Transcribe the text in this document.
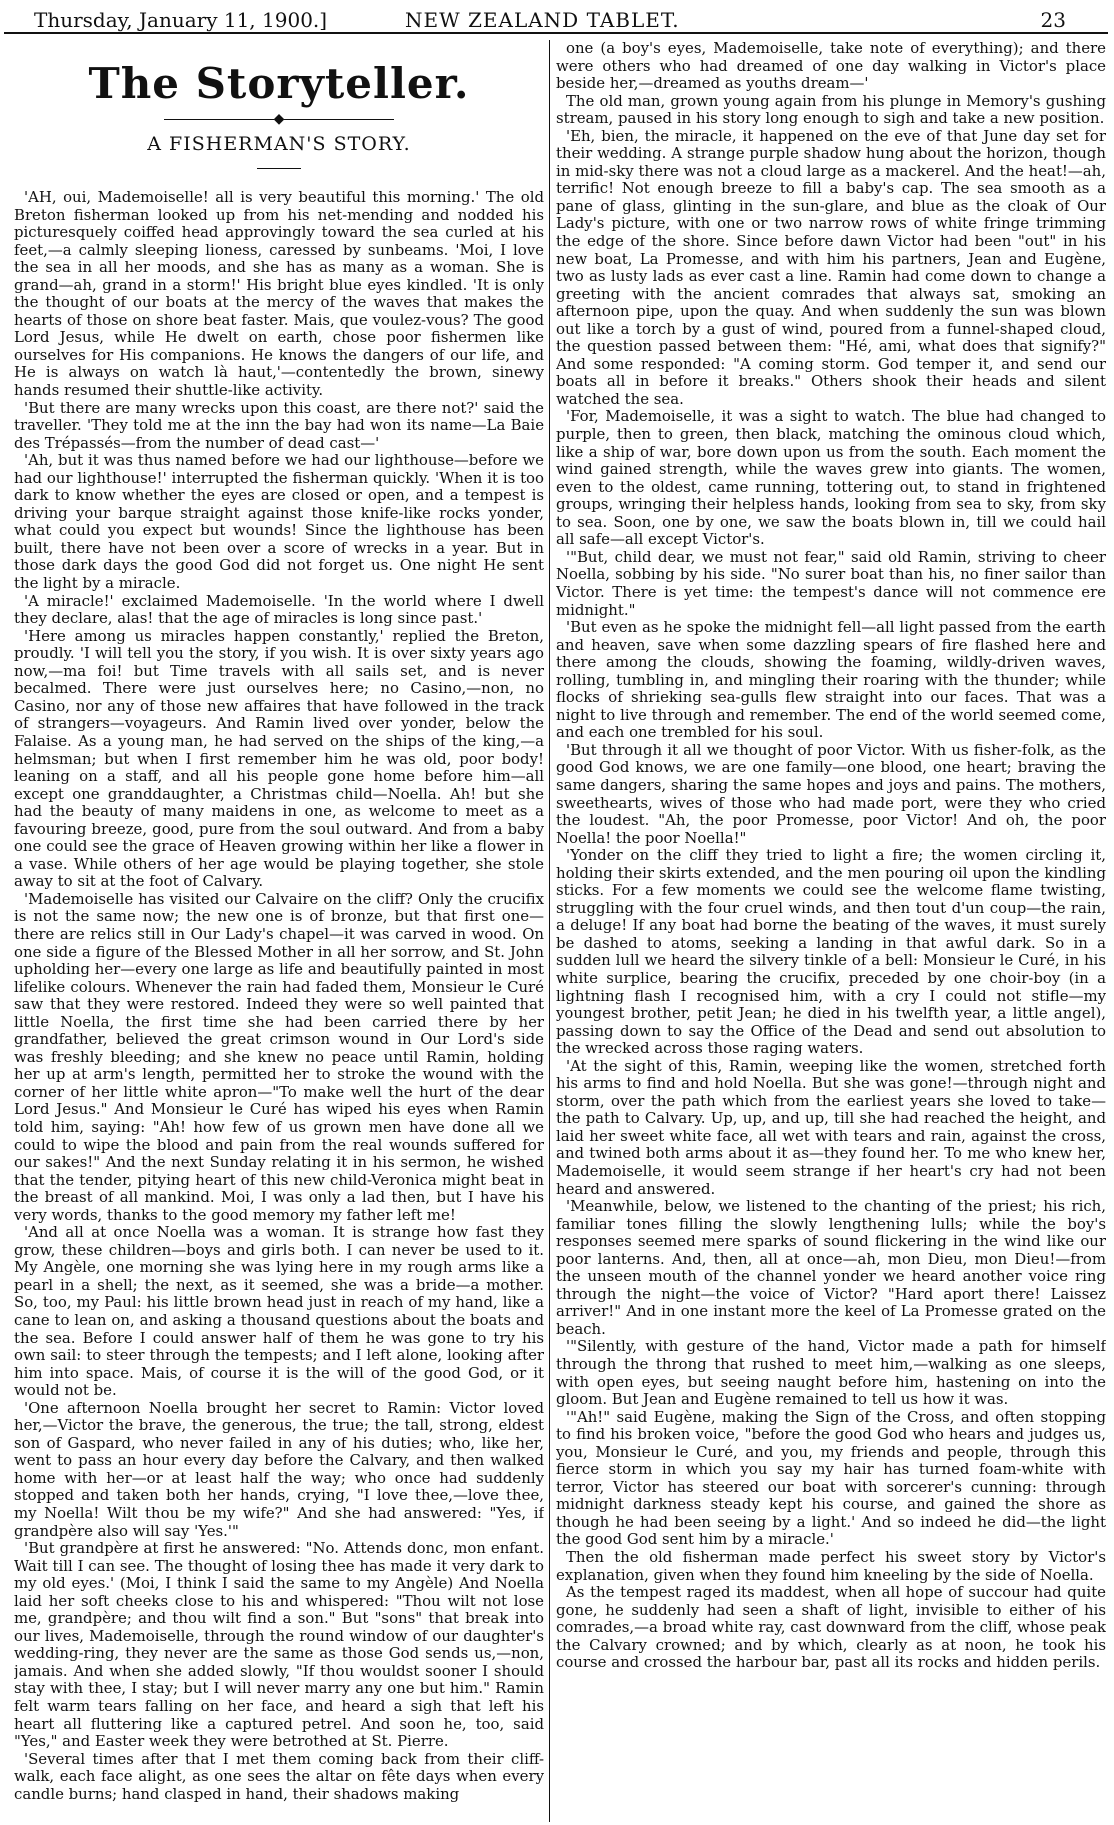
Thursday, January 11, 1900.]	NEW ZEALAND TABLET.	23
The Storyteller.
◆
A FISHERMAN'S STORY.

'AH, oui, Mademoiselle! all is very beautiful this morning.' The old Breton fisherman looked up from his net-mending and nodded his picturesquely coiffed head approvingly toward the sea curled at his feet,—a calmly sleeping lioness, caressed by sunbeams. 'Moi, I love the sea in all her moods, and she has as many as a woman. She is grand—ah, grand in a storm!' His bright blue eyes kindled. 'It is only the thought of our boats at the mercy of the waves that makes the hearts of those on shore beat faster. Mais, que voulez-vous? The good Lord Jesus, while He dwelt on earth, chose poor fishermen like ourselves for His companions. He knows the dangers of our life, and He is always on watch là haut,'—contentedly the brown, sinewy hands resumed their shuttle-like activity.

'But there are many wrecks upon this coast, are there not?' said the traveller. 'They told me at the inn the bay had won its name—La Baie des Trépassés—from the number of dead cast—'

'Ah, but it was thus named before we had our lighthouse—before we had our lighthouse!' interrupted the fisherman quickly. 'When it is too dark to know whether the eyes are closed or open, and a tempest is driving your barque straight against those knife-like rocks yonder, what could you expect but wounds! Since the lighthouse has been built, there have not been over a score of wrecks in a year. But in those dark days the good God did not forget us. One night He sent the light by a miracle.

'A miracle!' exclaimed Mademoiselle. 'In the world where I dwell they declare, alas! that the age of miracles is long since past.'

'Here among us miracles happen constantly,' replied the Breton, proudly. 'I will tell you the story, if you wish. It is over sixty years ago now,—ma foi! but Time travels with all sails set, and is never becalmed. There were just ourselves here; no Casino,—non, no Casino, nor any of those new affaires that have followed in the track of strangers—voyageurs. And Ramin lived over yonder, below the Falaise. As a young man, he had served on the ships of the king,—a helmsman; but when I first remember him he was old, poor body! leaning on a staff, and all his people gone home before him—all except one granddaughter, a Christmas child—Noella. Ah! but she had the beauty of many maidens in one, as welcome to meet as a favouring breeze, good, pure from the soul outward. And from a baby one could see the grace of Heaven growing within her like a flower in a vase. While others of her age would be playing together, she stole away to sit at the foot of Calvary.

'Mademoiselle has visited our Calvaire on the cliff? Only the crucifix is not the same now; the new one is of bronze, but that first one—there are relics still in Our Lady's chapel—it was carved in wood. On one side a figure of the Blessed Mother in all her sorrow, and St. John upholding her—every one large as life and beautifully painted in most lifelike colours. Whenever the rain had faded them, Monsieur le Curé saw that they were restored. Indeed they were so well painted that little Noella, the first time she had been carried there by her grandfather, believed the great crimson wound in Our Lord's side was freshly bleeding; and she knew no peace until Ramin, holding her up at arm's length, permitted her to stroke the wound with the corner of her little white apron—"To make well the hurt of the dear Lord Jesus." And Monsieur le Curé has wiped his eyes when Ramin told him, saying: "Ah! how few of us grown men have done all we could to wipe the blood and pain from the real wounds suffered for our sakes!" And the next Sunday relating it in his sermon, he wished that the tender, pitying heart of this new child-Veronica might beat in the breast of all mankind. Moi, I was only a lad then, but I have his very words, thanks to the good memory my father left me!

'And all at once Noella was a woman. It is strange how fast they grow, these children—boys and girls both. I can never be used to it. My Angèle, one morning she was lying here in my rough arms like a pearl in a shell; the next, as it seemed, she was a bride—a mother. So, too, my Paul: his little brown head just in reach of my hand, like a cane to lean on, and asking a thousand questions about the boats and the sea. Before I could answer half of them he was gone to try his own sail: to steer through the tempests; and I left alone, looking after him into space. Mais, of course it is the will of the good God, or it would not be.

'One afternoon Noella brought her secret to Ramin: Victor loved her,—Victor the brave, the generous, the true; the tall, strong, eldest son of Gaspard, who never failed in any of his duties; who, like her, went to pass an hour every day before the Calvary, and then walked home with her—or at least half the way; who once had suddenly stopped and taken both her hands, crying, "I love thee,—love thee, my Noella! Wilt thou be my wife?" And she had answered: "Yes, if grandpère also will say 'Yes.'"

'But grandpère at first he answered: "No. Attends donc, mon enfant. Wait till I can see. The thought of losing thee has made it very dark to my old eyes.' (Moi, I think I said the same to my Angèle) And Noella laid her soft cheeks close to his and whispered: "Thou wilt not lose me, grandpère; and thou wilt find a son." But "sons" that break into our lives, Mademoiselle, through the round window of our daughter's wedding-ring, they never are the same as those God sends us,—non, jamais. And when she added slowly, "If thou wouldst sooner I should stay with thee, I stay; but I will never marry any one but him." Ramin felt warm tears falling on her face, and heard a sigh that left his heart all fluttering like a captured petrel. And soon he, too, said "Yes," and Easter week they were betrothed at St. Pierre.

'Several times after that I met them coming back from their cliff-walk, each face alight, as one sees the altar on fête days when every candle burns; hand clasped in hand, their shadows making

one (a boy's eyes, Mademoiselle, take note of everything); and there were others who had dreamed of one day walking in Victor's place beside her,—dreamed as youths dream—'

The old man, grown young again from his plunge in Memory's gushing stream, paused in his story long enough to sigh and take a new position.

'Eh, bien, the miracle, it happened on the eve of that June day set for their wedding. A strange purple shadow hung about the horizon, though in mid-sky there was not a cloud large as a mackerel. And the heat!—ah, terrific! Not enough breeze to fill a baby's cap. The sea smooth as a pane of glass, glinting in the sun-glare, and blue as the cloak of Our Lady's picture, with one or two narrow rows of white fringe trimming the edge of the shore. Since before dawn Victor had been "out" in his new boat, La Promesse, and with him his partners, Jean and Eugène, two as lusty lads as ever cast a line. Ramin had come down to change a greeting with the ancient comrades that always sat, smoking an afternoon pipe, upon the quay. And when suddenly the sun was blown out like a torch by a gust of wind, poured from a funnel-shaped cloud, the question passed between them: "Hé, ami, what does that signify?" And some responded: "A coming storm. God temper it, and send our boats all in before it breaks." Others shook their heads and silent watched the sea.

'For, Mademoiselle, it was a sight to watch. The blue had changed to purple, then to green, then black, matching the ominous cloud which, like a ship of war, bore down upon us from the south. Each moment the wind gained strength, while the waves grew into giants. The women, even to the oldest, came running, tottering out, to stand in frightened groups, wringing their helpless hands, looking from sea to sky, from sky to sea. Soon, one by one, we saw the boats blown in, till we could hail all safe—all except Victor's.

'"But, child dear, we must not fear," said old Ramin, striving to cheer Noella, sobbing by his side. "No surer boat than his, no finer sailor than Victor. There is yet time: the tempest's dance will not commence ere midnight."

'But even as he spoke the midnight fell—all light passed from the earth and heaven, save when some dazzling spears of fire flashed here and there among the clouds, showing the foaming, wildly-driven waves, rolling, tumbling in, and mingling their roaring with the thunder; while flocks of shrieking sea-gulls flew straight into our faces. That was a night to live through and remember. The end of the world seemed come, and each one trembled for his soul.

'But through it all we thought of poor Victor. With us fisher-folk, as the good God knows, we are one family—one blood, one heart; braving the same dangers, sharing the same hopes and joys and pains. The mothers, sweethearts, wives of those who had made port, were they who cried the loudest. "Ah, the poor Promesse, poor Victor! And oh, the poor Noella! the poor Noella!"

'Yonder on the cliff they tried to light a fire; the women circling it, holding their skirts extended, and the men pouring oil upon the kindling sticks. For a few moments we could see the welcome flame twisting, struggling with the four cruel winds, and then tout d'un coup—the rain, a deluge! If any boat had borne the beating of the waves, it must surely be dashed to atoms, seeking a landing in that awful dark. So in a sudden lull we heard the silvery tinkle of a bell: Monsieur le Curé, in his white surplice, bearing the crucifix, preceded by one choir-boy (in a lightning flash I recognised him, with a cry I could not stifle—my youngest brother, petit Jean; he died in his twelfth year, a little angel), passing down to say the Office of the Dead and send out absolution to the wrecked across those raging waters.

'At the sight of this, Ramin, weeping like the women, stretched forth his arms to find and hold Noella. But she was gone!—through night and storm, over the path which from the earliest years she loved to take—the path to Calvary. Up, up, and up, till she had reached the height, and laid her sweet white face, all wet with tears and rain, against the cross, and twined both arms about it as—they found her. To me who knew her, Mademoiselle, it would seem strange if her heart's cry had not been heard and answered.

'Meanwhile, below, we listened to the chanting of the priest; his rich, familiar tones filling the slowly lengthening lulls; while the boy's responses seemed mere sparks of sound flickering in the wind like our poor lanterns. And, then, all at once—ah, mon Dieu, mon Dieu!—from the unseen mouth of the channel yonder we heard another voice ring through the night—the voice of Victor? "Hard aport there! Laissez arriver!" And in one instant more the keel of La Promesse grated on the beach.

'"Silently, with gesture of the hand, Victor made a path for himself through the throng that rushed to meet him,—walking as one sleeps, with open eyes, but seeing naught before him, hastening on into the gloom. But Jean and Eugène remained to tell us how it was.

'"Ah!" said Eugène, making the Sign of the Cross, and often stopping to find his broken voice, "before the good God who hears and judges us, you, Monsieur le Curé, and you, my friends and people, through this fierce storm in which you say my hair has turned foam-white with terror, Victor has steered our boat with sorcerer's cunning: through midnight darkness steady kept his course, and gained the shore as though he had been seeing by a light.' And so indeed he did—the light the good God sent him by a miracle.'

Then the old fisherman made perfect his sweet story by Victor's explanation, given when they found him kneeling by the side of Noella.

As the tempest raged its maddest, when all hope of succour had quite gone, he suddenly had seen a shaft of light, invisible to either of his comrades,—a broad white ray, cast downward from the cliff, whose peak the Calvary crowned; and by which, clearly as at noon, he took his course and crossed the harbour bar, past all its rocks and hidden perils.
